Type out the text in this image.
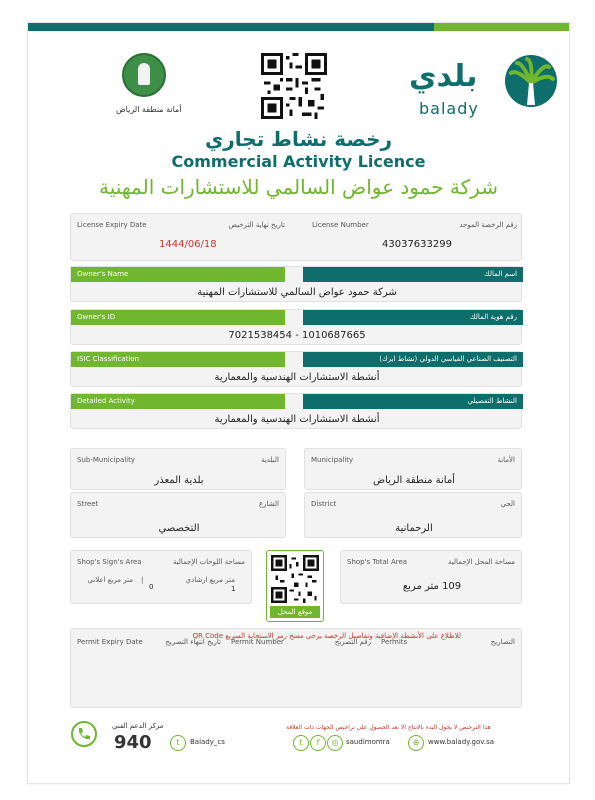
أمانة منطقة الرياض
بلدي
balady
رخصة نشاط تجاري
Commercial Activity Licence
شركة حمود عواض السالمي للاستشارات المهنية
License Expiry Date	تاريخ نهاية الترخيص	License Number	رقم الرخصة الموحد
1444/06/18	43037633299
Owner's Name	اسم المالك
شركة حمود عواض السالمي للاستشارات المهنية
Owner's ID	رقم هوية المالك
7021538454 - 1010687665
ISIC Classification	التصنيف الصناعي القياسي الدولي (نشاط ايزك)
أنشطة الاستشارات الهندسية والمعمارية
Detailed Activity	النشاط التفصيلي
أنشطة الاستشارات الهندسية والمعمارية
Sub-Municipality	البلدية
بلدية المعذر
Municipality	الأمانة
أمانة منطقة الرياض
Street	الشارع
التخصصي
District	الحي
الرحمانية
Shop's Sign's Area	مساحة اللوحات الإجمالية
متر مربع اعلاني
0
|	متر مربع ارشادي
1
موقع المحل
Shop's Total Area	مساحة المحل الإجمالية
109 متر مربع
Permit Expiry Date	تاريخ انتهاء التصريح Permit Number	رقم التصريح Permits	التصاريح
للاطلاع على الأنشطة الإضافية وتفاصيل الرخصة يرجى مسح رمز الاستجابة السريع QR Code
مركز الدعم الفني
940	t	Balady_cs	t	f	◎	saudimomra	⊕	www.balady.gov.sa
هذا الترخيص لا يخول البدء بالانتاج الا بعد الحصول على تراخيص الجهات ذات العلاقة
